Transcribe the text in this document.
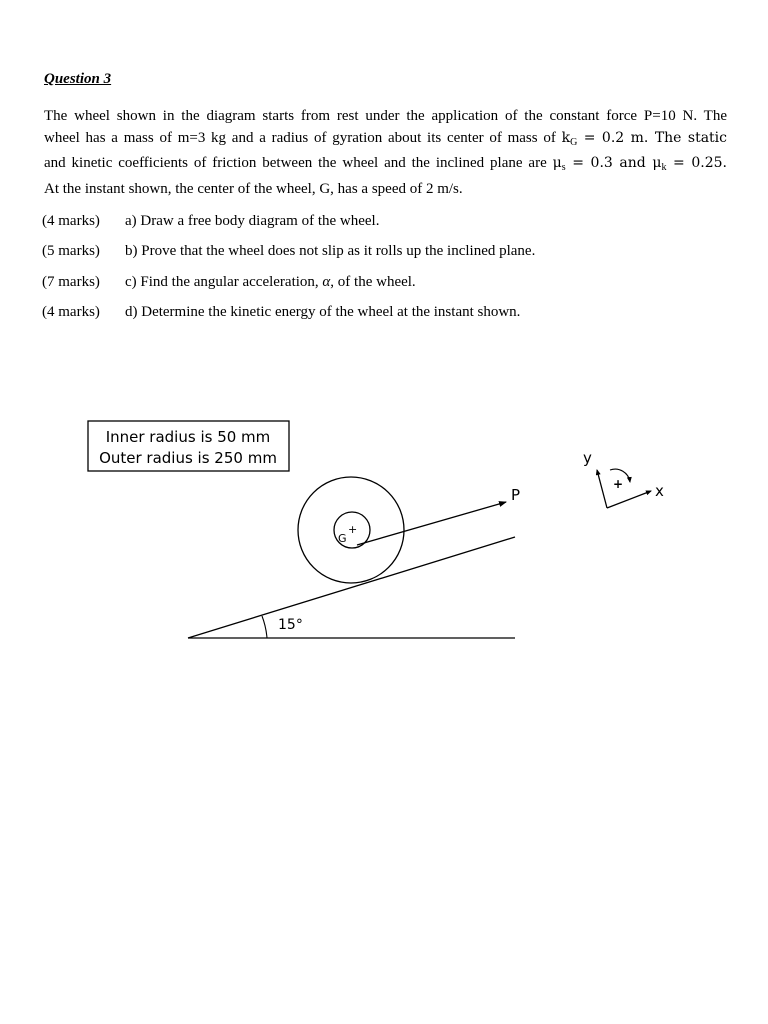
Question 3
The wheel shown in the diagram starts from rest under the application of the constant force P=10 N. The
wheel has a mass of m=3 kg and a radius of gyration about its center of mass of $k_G = 0.2$ m. The static
and kinetic coefficients of friction between the wheel and the inclined plane are $\mu_s = 0.3$ and $\mu_k = 0.25$.
At the instant shown, the center of the wheel, G, has a speed of 2 m/s.
(4 marks)	a) Draw a free body diagram of the wheel.
(5 marks)	b) Prove that the wheel does not slip as it rolls up the inclined plane.
(7 marks)	c) Find the angular acceleration, α, of the wheel.
(4 marks)	d) Determine the kinetic energy of the wheel at the instant shown.
Inner radius is 50 mm
Outer radius is 250 mm
15°
P
G
+
y
x
+
